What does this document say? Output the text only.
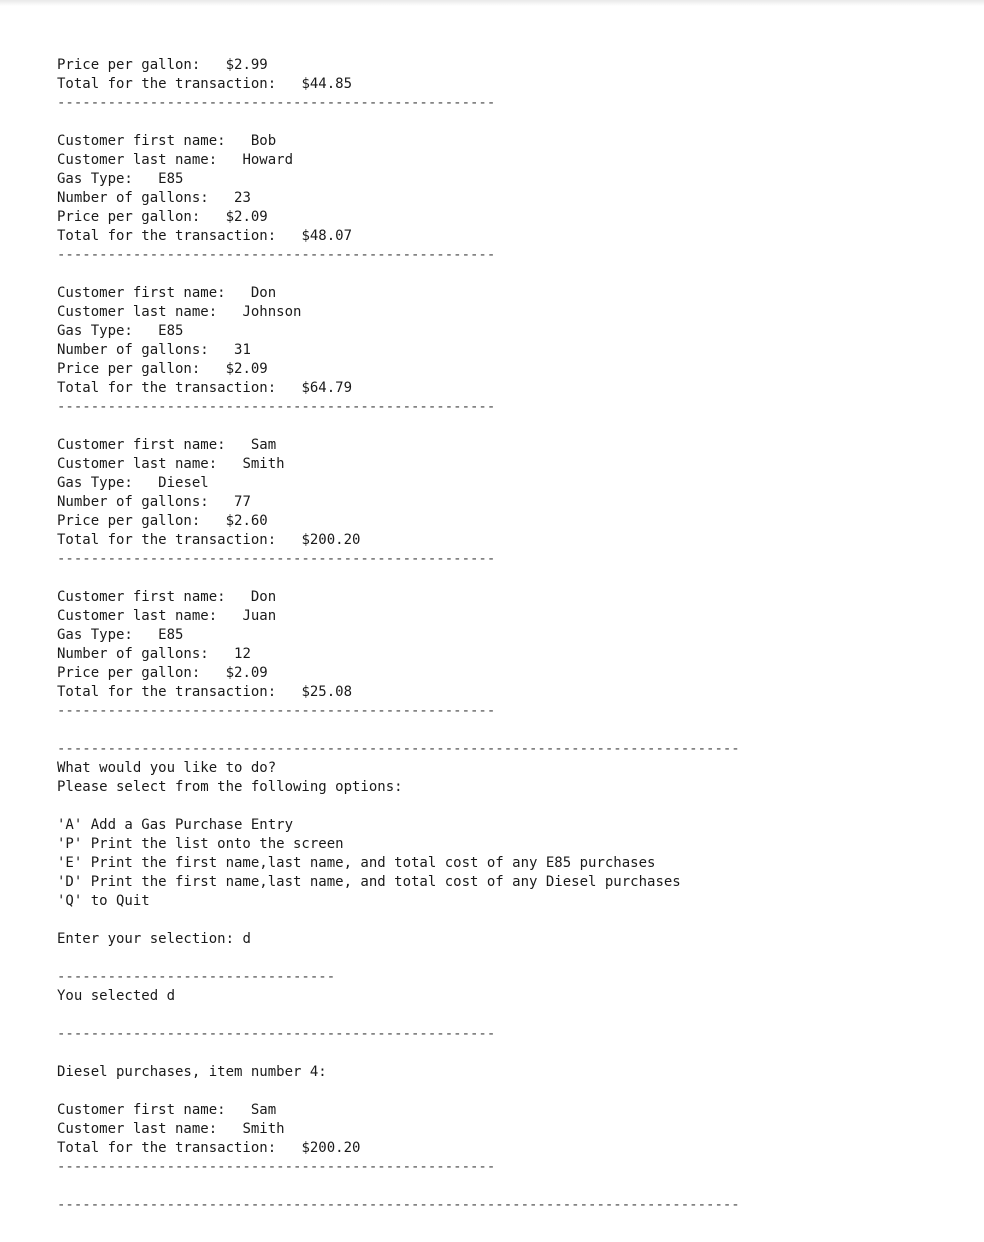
Price per gallon: $2.99
Total for the transaction: $44.85
----------------------------------------------------
Customer first name: Bob
Customer last name: Howard
Gas Type: E85
Number of gallons: 23
Price per gallon: $2.09
Total for the transaction: $48.07
----------------------------------------------------
Customer first name: Don
Customer last name: Johnson
Gas Type: E85
Number of gallons: 31
Price per gallon: $2.09
Total for the transaction: $64.79
----------------------------------------------------
Customer first name: Sam
Customer last name: Smith
Gas Type: Diesel
Number of gallons: 77
Price per gallon: $2.60
Total for the transaction: $200.20
----------------------------------------------------
Customer first name: Don
Customer last name: Juan
Gas Type: E85
Number of gallons: 12
Price per gallon: $2.09
Total for the transaction: $25.08
----------------------------------------------------
---------------------------------------------------------------------------------
What would you like to do?
Please select from the following options:
'A' Add a Gas Purchase Entry
'P' Print the list onto the screen
'E' Print the first name,last name, and total cost of any E85 purchases
'D' Print the first name,last name, and total cost of any Diesel purchases
'Q' to Quit
Enter your selection: d
---------------------------------
You selected d
----------------------------------------------------
Diesel purchases, item number 4:
Customer first name: Sam
Customer last name: Smith
Total for the transaction: $200.20
----------------------------------------------------
---------------------------------------------------------------------------------
